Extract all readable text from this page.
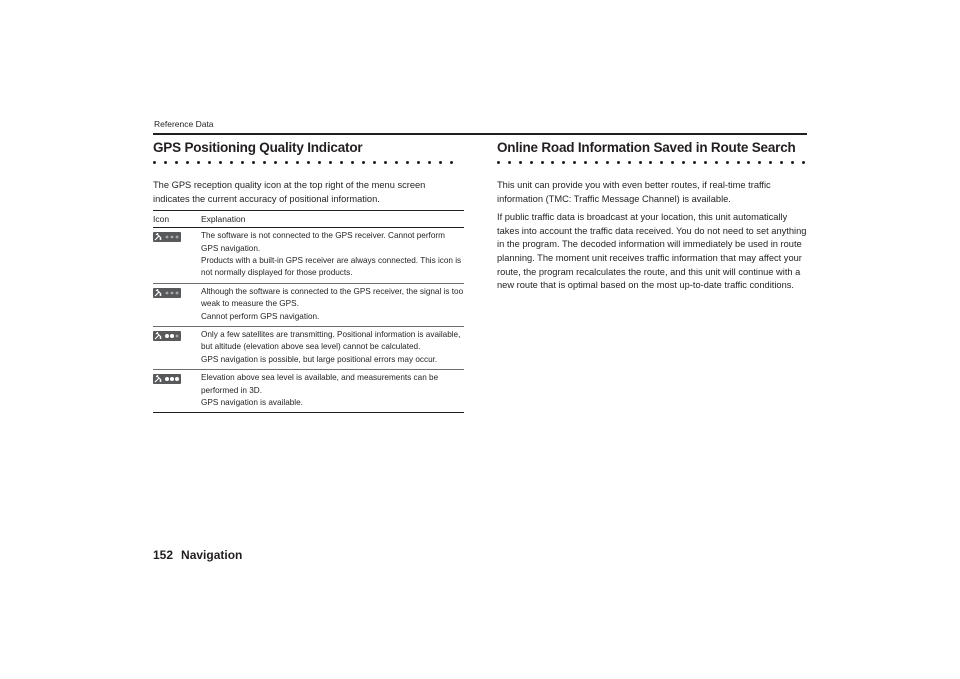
Reference Data
GPS Positioning Quality Indicator

The GPS reception quality icon at the top right of the menu screen indicates the current accuracy of positional information.

Icon	Explanation

The software is not connected to the GPS receiver. Cannot perform GPS navigation.
Products with a built-in GPS receiver are always connected. This icon is not normally displayed for those products.

Although the software is connected to the GPS receiver, the signal is too weak to measure the GPS.
Cannot perform GPS navigation.

Only a few satellites are transmitting. Positional information is available, but altitude (elevation above sea level) cannot be calculated.
GPS navigation is possible, but large positional errors may occur.

Elevation above sea level is available, and measurements can be performed in 3D.
GPS navigation is available.
Online Road Information Saved in Route Search

This unit can provide you with even better routes, if real-time traffic information (TMC: Traffic Message Channel) is available.

If public traffic data is broadcast at your location, this unit automatically takes into account the traffic data received. You do not need to set anything in the program. The decoded information will immediately be used in route planning. The moment unit receives traffic information that may affect your route, the program recalculates the route, and this unit will continue with a new route that is optimal based on the most up-to-date traffic conditions.

152 Navigation
